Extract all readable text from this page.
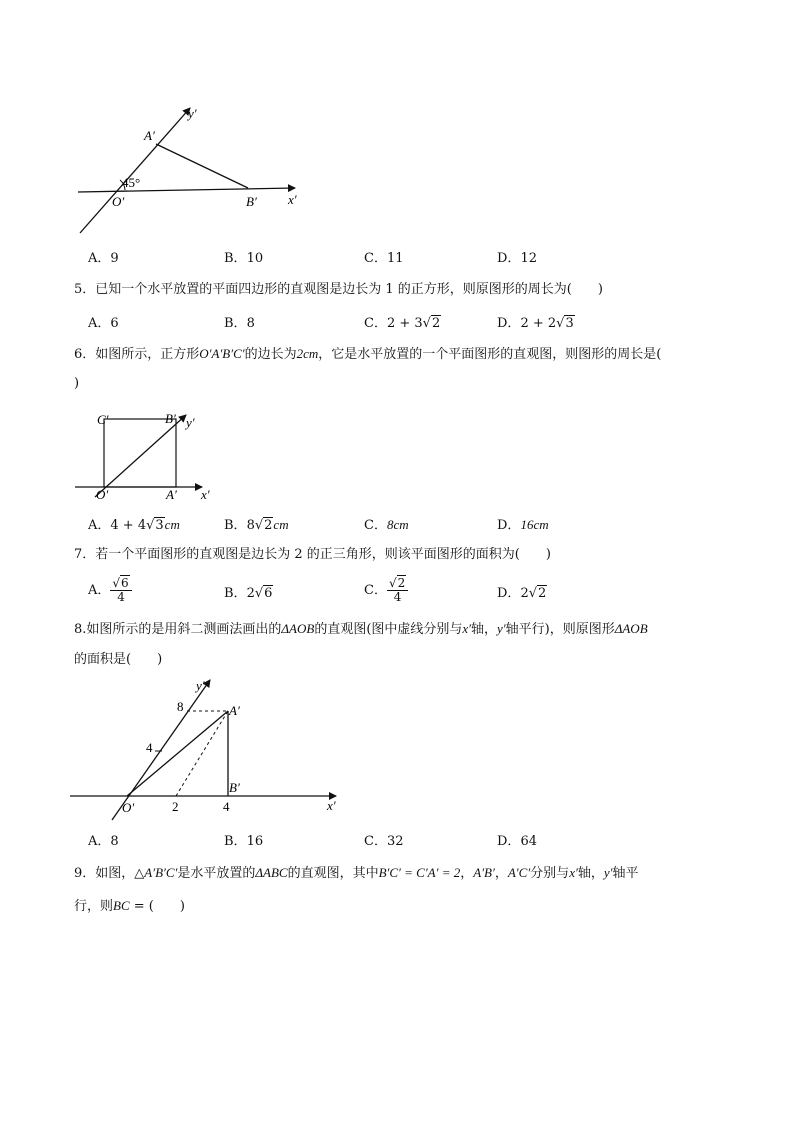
y′
A′
45°
O′	B′ x′
A．9	B．10	C．11	D．12
5．已知一个水平放置的平面四边形的直观图是边长为 1 的正方形，则原图形的周长为(　　)
A．6	B．8	C．2 + 3√2	D．2 + 2√3
6．如图所示，正方形O′A′B′C′的边长为2cm，它是水平放置的一个平面图形的直观图，则图形的周长是(
)
C′	B′ y′
O′	A′ x′
A．4 + 4√3cm	B．8√2cm	C．8cm	D．16cm
7．若一个平面图形的直观图是边长为 2 的正三角形，则该平面图形的面积为(　　)
A． $\frac{√6}{4}$	B．2√6	C． $\frac{√2}{4}$	D．2√2
8.如图所示的是用斜二测画法画出的ΔAOB的直观图(图中虚线分别与x′轴，y′轴平行)，则原图形ΔAOB
的面积是(　　)
y′
8	A′
4
B′
O′	2	4	x′
A．8	B．16	C．32	D．64
9．如图，△A′B′C′是水平放置的ΔABC的直观图，其中B′C′ = C′A′ = 2，A′B′，A′C′分别与x′轴，y′轴平
行，则BC = (　　)
